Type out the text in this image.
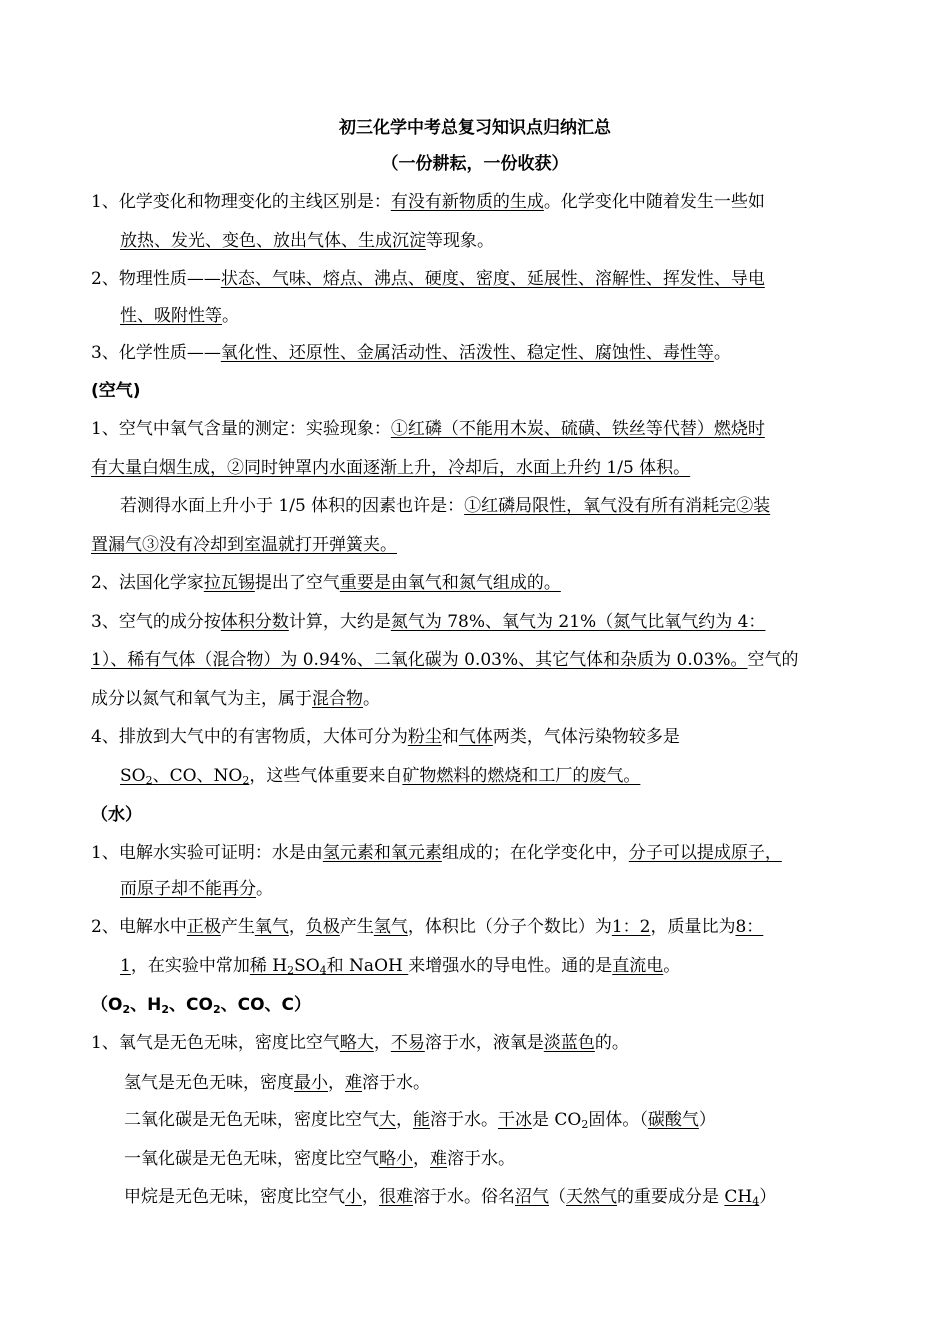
初三化学中考总复习知识点归纳汇总
（一份耕耘，一份收获）
1、化学变化和物理变化的主线区别是：有没有新物质的生成。化学变化中随着发生一些如
放热、发光、变色、放出气体、生成沉淀等现象。
2、物理性质——状态、气味、熔点、沸点、硬度、密度、延展性、溶解性、挥发性、导电
性、吸附性等。
3、化学性质——氧化性、还原性、金属活动性、活泼性、稳定性、腐蚀性、毒性等。
(空气)
1、空气中氧气含量的测定：实验现象：①红磷（不能用木炭、硫磺、铁丝等代替）燃烧时
有大量白烟生成，②同时钟罩内水面逐渐上升，冷却后，水面上升约 1/5 体积。
若测得水面上升小于 1/5 体积的因素也许是：①红磷局限性，氧气没有所有消耗完②装
置漏气③没有冷却到室温就打开弹簧夹。
2、法国化学家拉瓦锡提出了空气重要是由氧气和氮气组成的。
3、空气的成分按体积分数计算，大约是氮气为 78%、氧气为 21%（氮气比氧气约为 4：
1）、稀有气体（混合物）为 0.94%、二氧化碳为 0.03%、其它气体和杂质为 0.03%。空气的
成分以氮气和氧气为主，属于混合物。
4、排放到大气中的有害物质，大体可分为粉尘和气体两类，气体污染物较多是
$SO_2$、CO、$NO_2$，这些气体重要来自矿物燃料的燃烧和工厂的废气。
（水）
1、电解水实验可证明：水是由氢元素和氧元素组成的；在化学变化中，分子可以提成原子，
而原子却不能再分。
2、电解水中正极产生氧气，负极产生氢气，体积比（分子个数比）为1：2，质量比为8：
1，在实验中常加稀 $H_2SO_4$和 NaOH 来增强水的导电性。通的是直流电。
（$O_2$、$H_2$、$CO_2$、CO、C）
1、氧气是无色无味，密度比空气略大，不易溶于水，液氧是淡蓝色的。
氢气是无色无味，密度最小，难溶于水。
二氧化碳是无色无味，密度比空气大，能溶于水。干冰是 $CO_2$固体。（碳酸气）
一氧化碳是无色无味，密度比空气略小，难溶于水。
甲烷是无色无味，密度比空气小，很难溶于水。俗名沼气（天然气的重要成分是 $CH_4$）
